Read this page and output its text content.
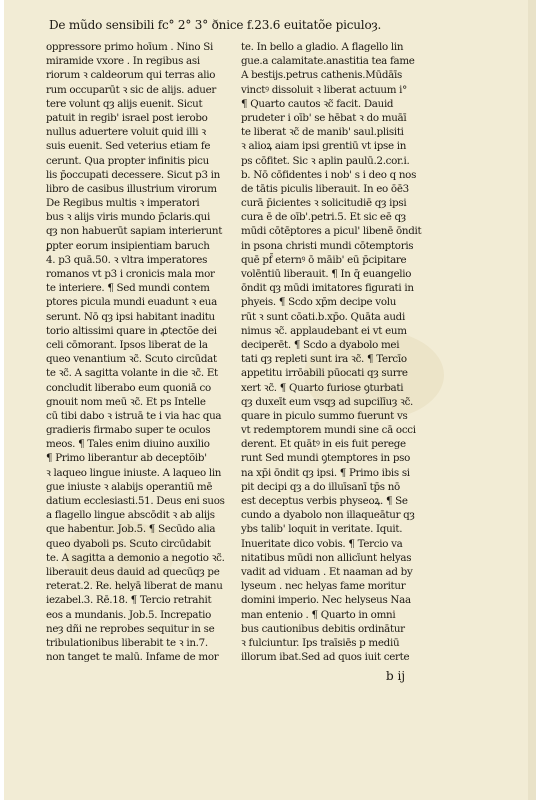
De mũdo sensibili fc° 2° 3° ðnice f.23.6 euitatõe piculoȝ.
oppressore primo hoīum . Nino Si
miramide vxore . In regibus asi
riorum ꝛ caldeorum qui terras alio
rum occuparūt ꝛ sic de alijs. aduer
tere volunt qȝ alijs euenit. Sicut
patuit in regib' israel post ierobo
nullus aduertere voluit quid illi ꝛ
suis euenit. Sed veterius etiam fe
cerunt. Qua propter infinitis picu
lis p̄occupati decessere. Sicut p3 in
libro de casibus illustrium virorum
De Regibus multis ꝛ imperatori
bus ꝛ alijs viris mundo p̄claris.qui
qȝ non habuerūt sapiam interierunt
ꝑpter eorum insipientiam baruch
4. p3 quā.50. ꝛ vltra imperatores
romanos vt p3 i cronicis mala mor
te interiere. ¶ Sed mundi contem
ptores picula mundi euadunt ꝛ eua
serunt. Nō qȝ ipsi habitant inaditu
torio altissimi quare in ꝓtectõe dei
celi cōmorant. Ipsos liberat de la
queo venantium ꝛc̃. Scuto circūdat
te ꝛc̃. A sagitta volante in die ꝛc̃. Et
concludit liberabo eum quoniā co
gnouit nom meū ꝛc̃. Et ps Intelle
cū tibi dabo ꝛ istruā te i via hac qua
gradieris firmabo super te oculos
meos. ¶ Tales enim diuino auxilio
¶ Primo liberantur ab deceptõib'
ꝛ laqueo lingue iniuste. A laqueo lin
gue iniuste ꝛ alabijs operantiū mē
datium ecclesiasti.51. Deus eni suos
a flagello lingue abscōdit ꝛ ab alijs
que habentur. Job.5. ¶ Secūdo alia
queo dyaboli ps. Scuto circūdabit
te. A sagitta a demonio a negotio ꝛc̃.
liberauit deus dauid ad quecūqȝ pe
reterat.2. Re. helyā liberat de manu
iezabel.3. Rē.18. ¶ Tercio retrahit
eos a mundanis. Job.5. Increpatio
neȝ dñi ne reprobes sequitur in se
tribulationibus liberabit te ꝛ in.7.
non tanget te malū. Infame de mor
te. In bello a gladio. A flagello lin
gue.a calamitate.anastitia tea fame
A bestijs.petrus cathenis.Mūdāīs
vinctꝰ dissoluit ꝛ liberat actuum i°
¶ Quarto cautos ꝛc̃ facit. Dauid
prudeter i oīb' se hēbat ꝛ do muāī
te liberat ꝛc̃ de manib' saul.plisiti
ꝛ alioꝝ aiam ipsi grentiū vt ipse in
ps cōfitet. Sic ꝛ aplin paulū.2.cor.i.
b. Nō cōfidentes i nob' s i deo q nos
de tātis piculis liberauit. In eo ōē3
curā p̄icientes ꝛ solicitudiē qȝ ipsi
cura ē de oīb'.petri.5. Et sic eē qȝ
mūdi cōtēptores a picul' libenē ōndit
in psona christi mundi cōtemptoris
quē pf̄ eternꝰ ō māib' eū p̄cipitare
volēntiū liberauit. ¶ In q̄ euangelio
ōndit qȝ mūdi imitatores figurati in
phyeis. ¶ Scdo xp̄m decipe volu
rūt ꝛ sunt cōati.b.xp̄o. Quāta audi
nimus ꝛc̃. applaudebant ei vt eum
deciperēt. ¶ Scdo a dyabolo mei
tati qȝ repleti sunt ira ꝛc̃. ¶ Tercīo
appetitu irrōabili pūocati qȝ surre
xert ꝛc̃. ¶ Quarto furiose ꝯturbati
qȝ duxeīt eum vsqȝ ad supcilīuȝ ꝛc̃.
quare in piculo summo fuerunt vs
vt redemptorem mundi sine cā occi
derent. Et quātꝰ in eis fuit perege
runt Sed mundi ꝯtemptores in pso
na xp̄i ōndit qȝ ipsi. ¶ Primo ibis si
pit decipi qȝ a do illuīsanī tp̄s nō
est deceptus verbis physeoꝝ. ¶ Se
cundo a dyabolo non illaqueātur qȝ
ybs talib' loquit in veritate. Iquit.
Inueritate dico vobis. ¶ Tercio va
nitatibus mūdi non allicīunt helyas
vadit ad viduam . Et naaman ad by
lyseum . nec helyas fame moritur
domini imperio. Nec helyseus Naa
man entenio . ¶ Quarto in omni
bus cautionibus debitis ordinātur
ꝛ fulciuntur. Ips traīsiēs p mediū
illorum ibat.Sed ad quos iuit certe
b ij
